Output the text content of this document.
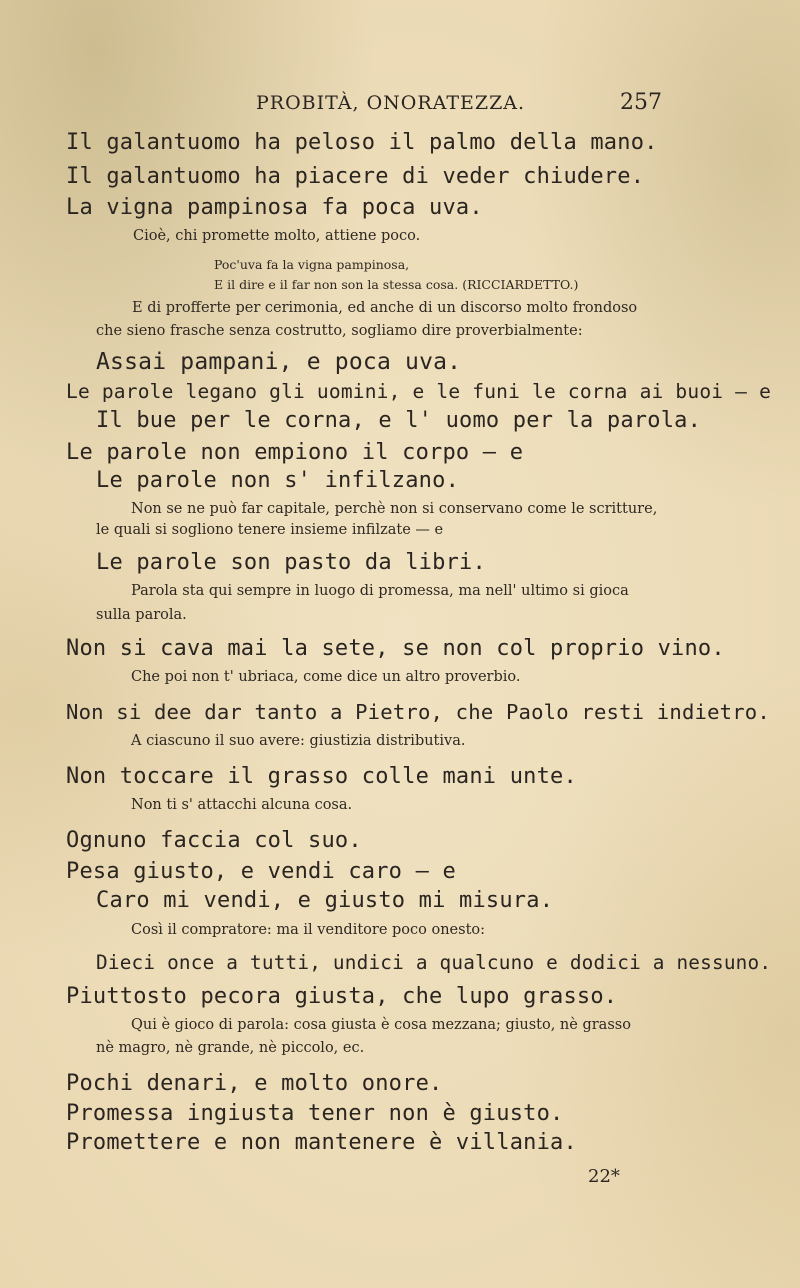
PROBITÀ, ONORATEZZA.	257
Il galantuomo ha peloso il palmo della mano.
Il galantuomo ha piacere di veder chiudere.
La vigna pampinosa fa poca uva.
Cioè, chi promette molto, attiene poco.
Poc'uva fa la vigna pampinosa,
E il dire e il far non son la stessa cosa. (RICCIARDETTO.)
E di profferte per cerimonia, ed anche di un discorso molto frondoso
che sieno frasche senza costrutto, sogliamo dire proverbialmente:
Assai pampani, e poca uva.
Le parole legano gli uomini, e le funi le corna ai buoi — e
Il bue per le corna, e l' uomo per la parola.
Le parole non empiono il corpo — e
Le parole non s' infilzano.
Non se ne può far capitale, perchè non si conservano come le scritture,
le quali si sogliono tenere insieme infilzate — e
Le parole son pasto da libri.
Parola sta qui sempre in luogo di promessa, ma nell' ultimo si gioca
sulla parola.
Non si cava mai la sete, se non col proprio vino.
Che poi non t' ubriaca, come dice un altro proverbio.
Non si dee dar tanto a Pietro, che Paolo resti indietro.
A ciascuno il suo avere: giustizia distributiva.
Non toccare il grasso colle mani unte.
Non ti s' attacchi alcuna cosa.
Ognuno faccia col suo.
Pesa giusto, e vendi caro — e
Caro mi vendi, e giusto mi misura.
Così il compratore: ma il venditore poco onesto:
Dieci once a tutti, undici a qualcuno e dodici a nessuno.
Piuttosto pecora giusta, che lupo grasso.
Qui è gioco di parola: cosa giusta è cosa mezzana; giusto, nè grasso
nè magro, nè grande, nè piccolo, ec.
Pochi denari, e molto onore.
Promessa ingiusta tener non è giusto.
Promettere e non mantenere è villania.
22*
